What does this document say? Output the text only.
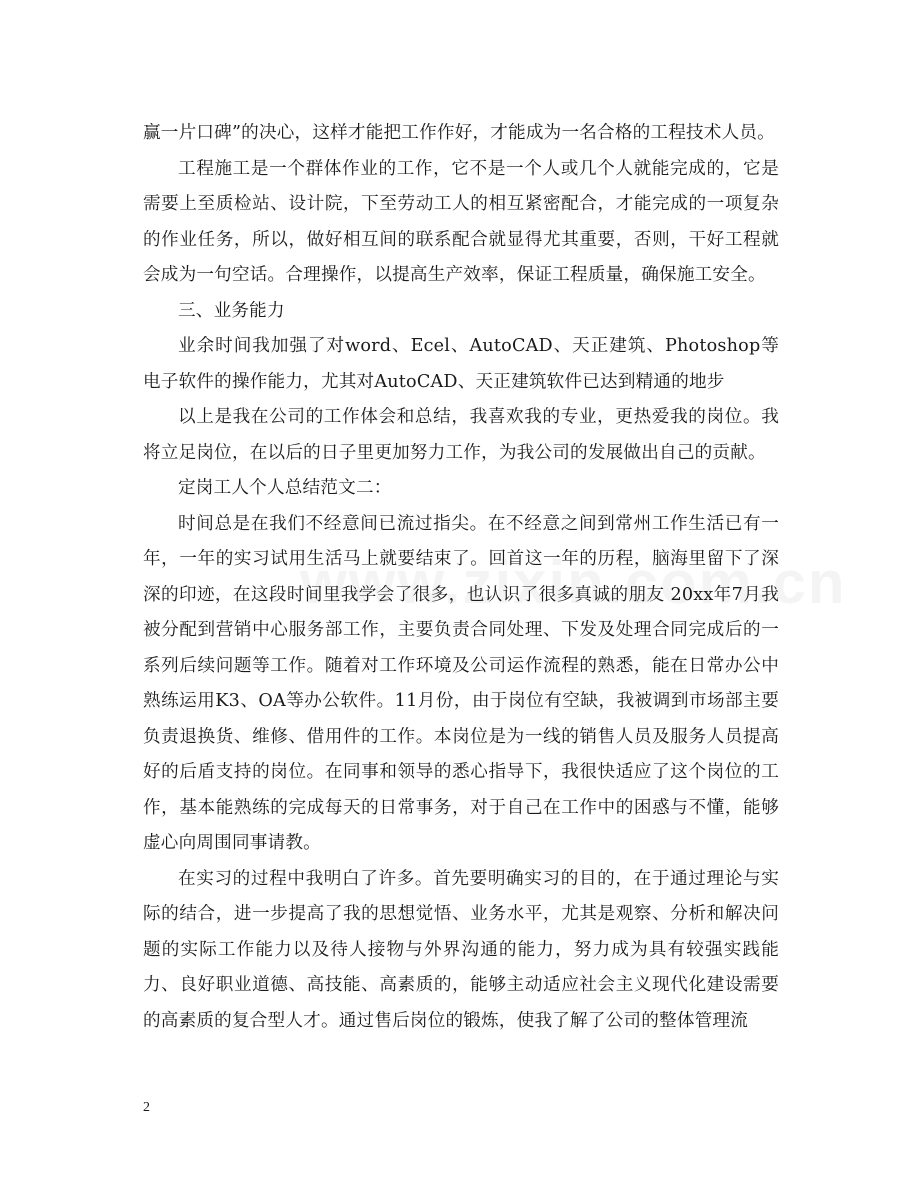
赢一片口碑”的决心，这样才能把工作作好，才能成为一名合格的工程技术人员。

工程施工是一个群体作业的工作，它不是一个人或几个人就能完成的，它是需要上至质检站、设计院，下至劳动工人的相互紧密配合，才能完成的一项复杂的作业任务，所以，做好相互间的联系配合就显得尤其重要，否则，干好工程就会成为一句空话。合理操作，以提高生产效率，保证工程质量，确保施工安全。

三、业务能力

业余时间我加强了对word、Ecel、AutoCAD、天正建筑、Photoshop等电子软件的操作能力，尤其对AutoCAD、天正建筑软件已达到精通的地步

以上是我在公司的工作体会和总结，我喜欢我的专业，更热爱我的岗位。我将立足岗位，在以后的日子里更加努力工作，为我公司的发展做出自己的贡献。

定岗工人个人总结范文二：

时间总是在我们不经意间已流过指尖。在不经意之间到常州工作生活已有一年，一年的实习试用生活马上就要结束了。回首这一年的历程，脑海里留下了深深的印迹，在这段时间里我学会了很多，也认识了很多真诚的朋友 20xx年7月我被分配到营销中心服务部工作，主要负责合同处理、下发及处理合同完成后的一系列后续问题等工作。随着对工作环境及公司运作流程的熟悉，能在日常办公中熟练运用K3、OA等办公软件。11月份，由于岗位有空缺，我被调到市场部主要负责退换货、维修、借用件的工作。本岗位是为一线的销售人员及服务人员提高好的后盾支持的岗位。在同事和领导的悉心指导下，我很快适应了这个岗位的工作，基本能熟练的完成每天的日常事务，对于自己在工作中的困惑与不懂，能够虚心向周围同事请教。

在实习的过程中我明白了许多。首先要明确实习的目的，在于通过理论与实际的结合，进一步提高了我的思想觉悟、业务水平，尤其是观察、分析和解决问题的实际工作能力以及待人接物与外界沟通的能力，努力成为具有较强实践能力、良好职业道德、高技能、高素质的，能够主动适应社会主义现代化建设需要的高素质的复合型人才。通过售后岗位的锻炼，使我了解了公司的整体管理流

2
